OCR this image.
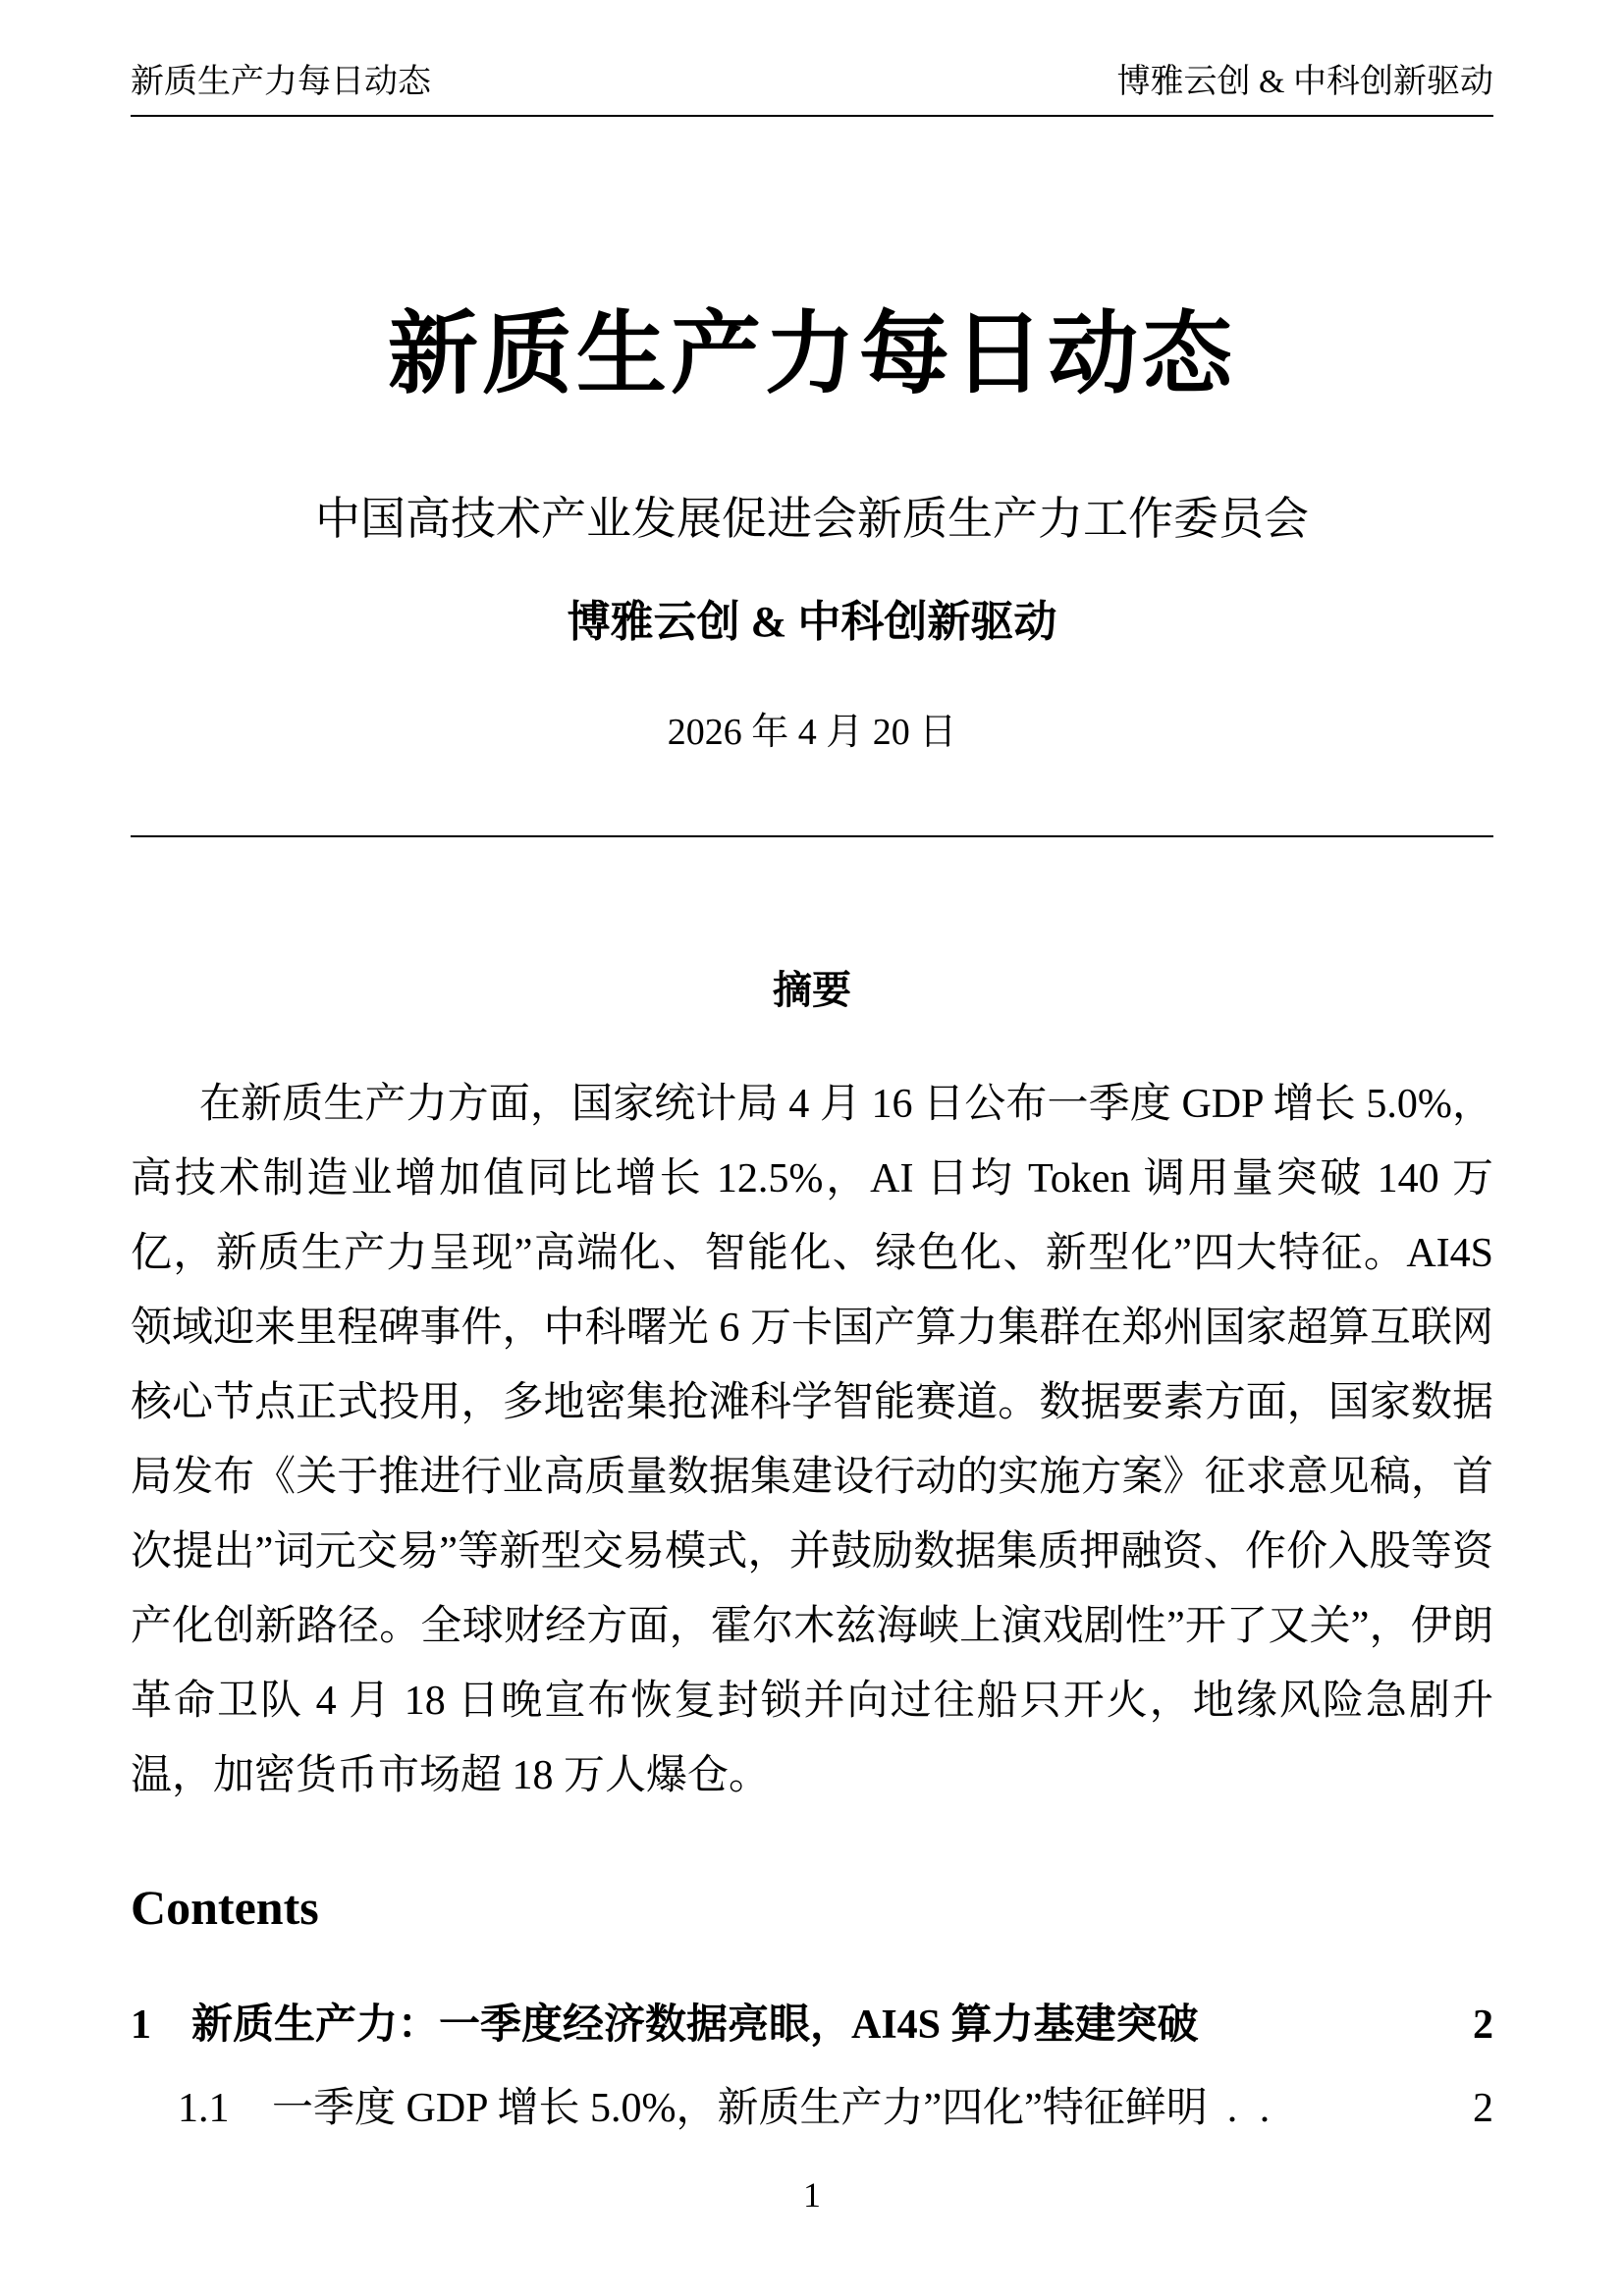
新质生产力每日动态	博雅云创 & 中科创新驱动
新质生产力每日动态
中国高技术产业发展促进会新质生产力工作委员会
博雅云创 & 中科创新驱动
2026 年 4 月 20 日
摘要
在新质生产力方面，国家统计局 4 月 16 日公布一季度 GDP 增长 5.0%，高技术制造业增加值同比增长 12.5%，AI 日均 Token 调用量突破 140 万亿，新质生产力呈现”高端化、智能化、绿色化、新型化”四大特征。AI4S 领域迎来里程碑事件，中科曙光 6 万卡国产算力集群在郑州国家超算互联网核心节点正式投用，多地密集抢滩科学智能赛道。数据要素方面，国家数据局发布《关于推进行业高质量数据集建设行动的实施方案》征求意见稿，首次提出”词元交易”等新型交易模式，并鼓励数据集质押融资、作价入股等资产化创新路径。全球财经方面，霍尔木兹海峡上演戏剧性”开了又关”，伊朗革命卫队 4 月 18 日晚宣布恢复封锁并向过往船只开火，地缘风险急剧升温，加密货币市场超 18 万人爆仓。
Contents
1 新质生产力：一季度经济数据亮眼，AI4S 算力基建突破	2
1.1	一季度 GDP 增长 5.0%，新质生产力”四化”特征鲜明 . .	2
1
